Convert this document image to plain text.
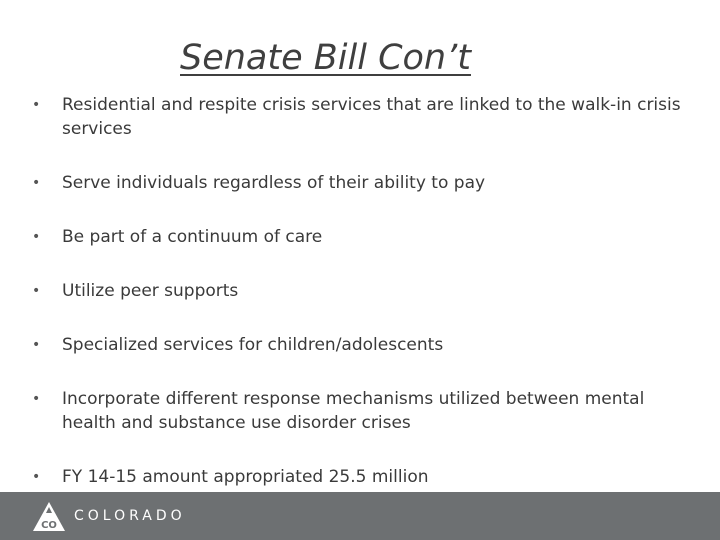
Senate Bill Con’t
• Residential and respite crisis services that are linked to the walk-in crisis services
• Serve individuals regardless of their ability to pay
• Be part of a continuum of care
• Utilize peer supports
• Specialized services for children/adolescents
• Incorporate different response mechanisms utilized between mental health and substance use disorder crises
• FY 14-15 amount appropriated 25.5 million
CO
COLORADO
